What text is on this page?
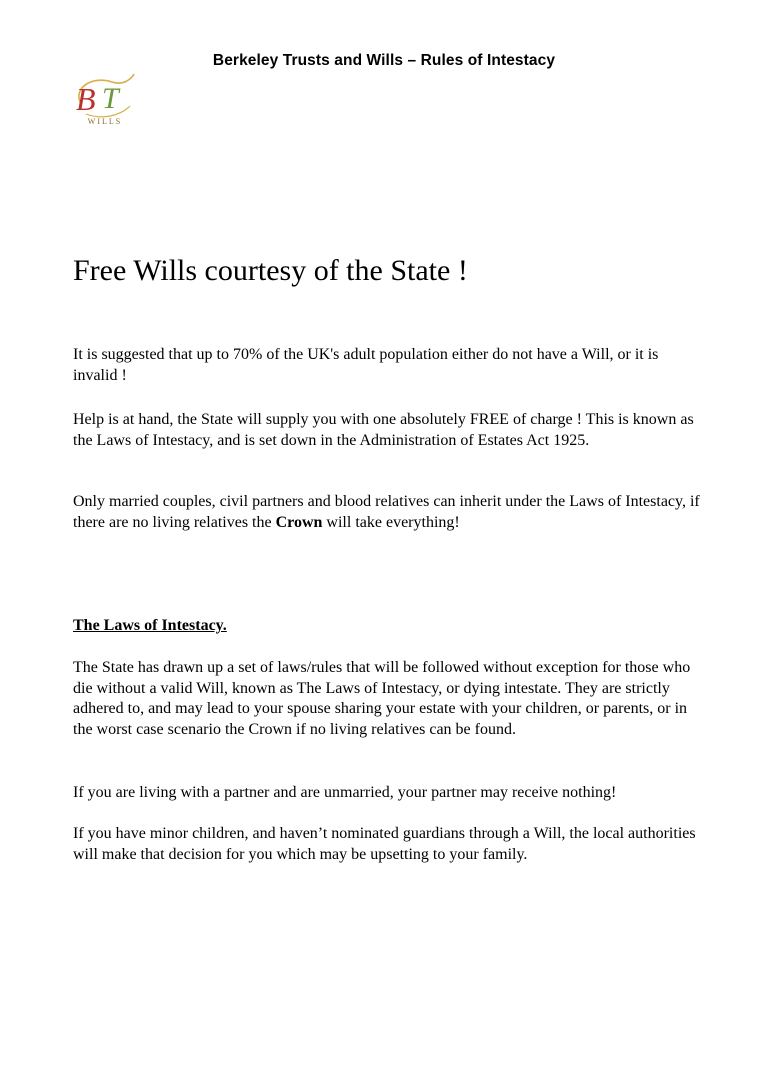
Berkeley Trusts and Wills – Rules of Intestacy
B T
WILLS
Free Wills courtesy of the State !

It is suggested that up to 70% of the UK's adult population either do not have a Will, or it is invalid !

Help is at hand, the State will supply you with one absolutely FREE of charge ! This is known as the Laws of Intestacy, and is set down in the Administration of Estates Act 1925.

Only married couples, civil partners and blood relatives can inherit under the Laws of Intestacy, if there are no living relatives the Crown will take everything!

The Laws of Intestacy.

The State has drawn up a set of laws/rules that will be followed without exception for those who die without a valid Will, known as The Laws of Intestacy, or dying intestate. They are strictly adhered to, and may lead to your spouse sharing your estate with your children, or parents, or in the worst case scenario the Crown if no living relatives can be found.

If you are living with a partner and are unmarried, your partner may receive nothing!

If you have minor children, and haven’t nominated guardians through a Will, the local authorities will make that decision for you which may be upsetting to your family.
